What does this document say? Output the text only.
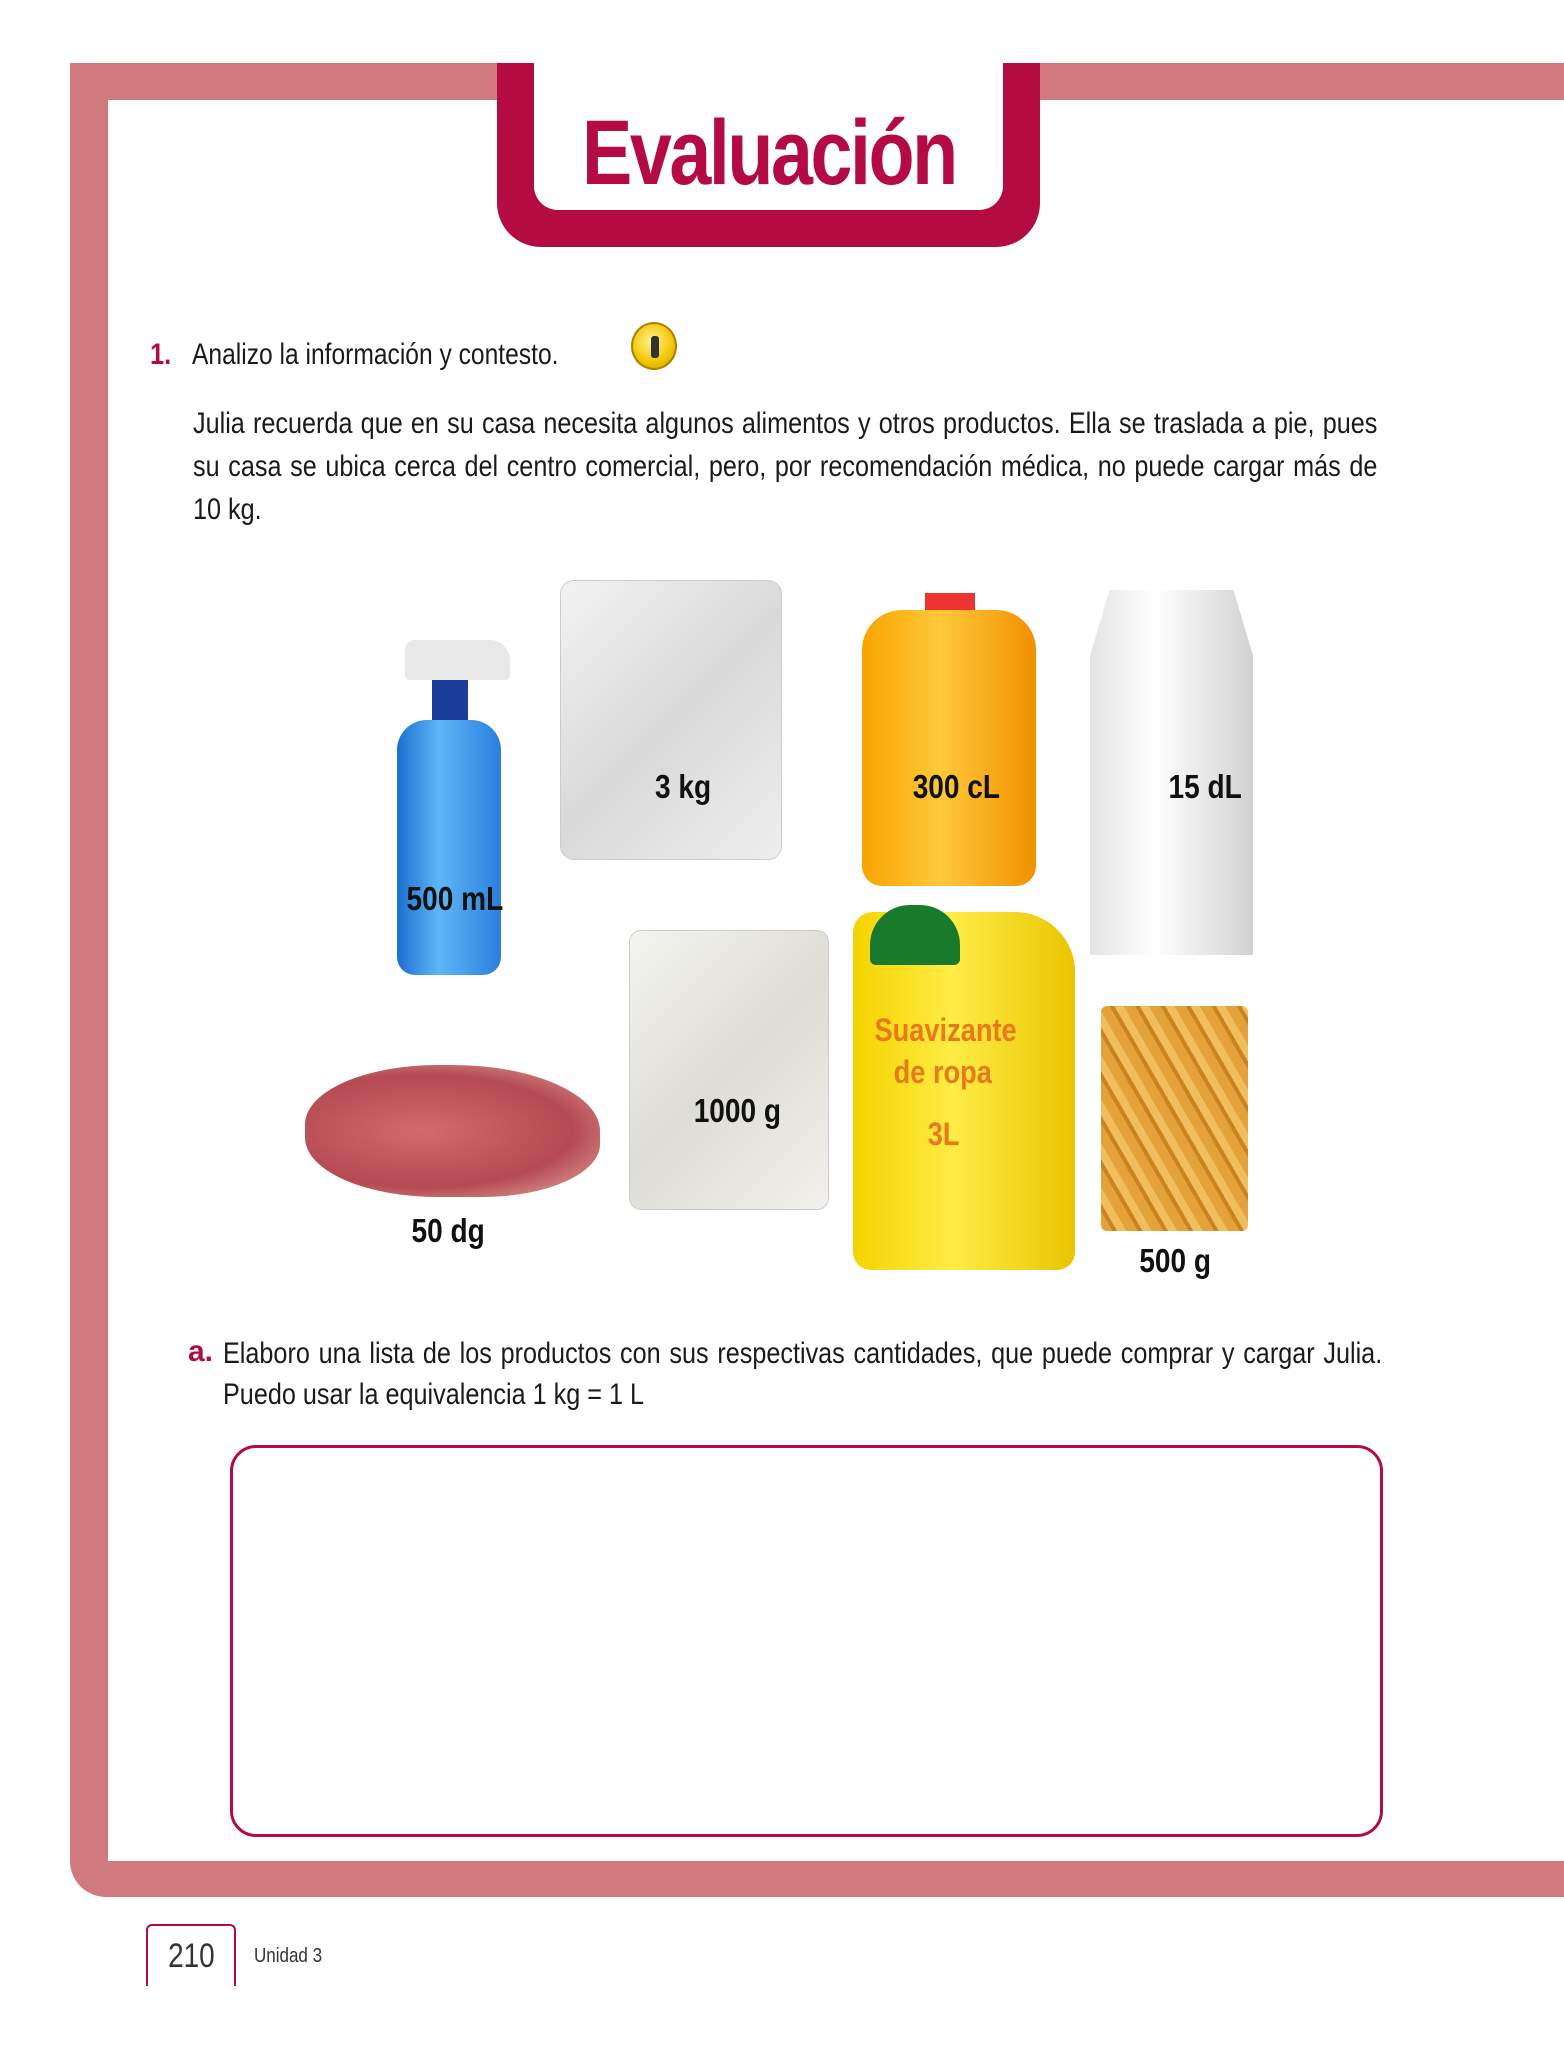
Evaluación
1. Analizo la información y contesto.

Julia recuerda que en su casa necesita algunos alimentos y otros productos. Ella se traslada a pie, pues su casa se ubica cerca del centro comercial, pero, por recomendación médica, no puede cargar más de 10 kg.

500 mL
3 kg	300 cL	15 dL
50 dg
1000 g
Suavizante
de ropa
3L
500 g
a. Elaboro una lista de los productos con sus respectivas cantidades, que puede comprar y cargar Julia. Puedo usar la equivalencia 1 kg = 1 L

210 Unidad 3
